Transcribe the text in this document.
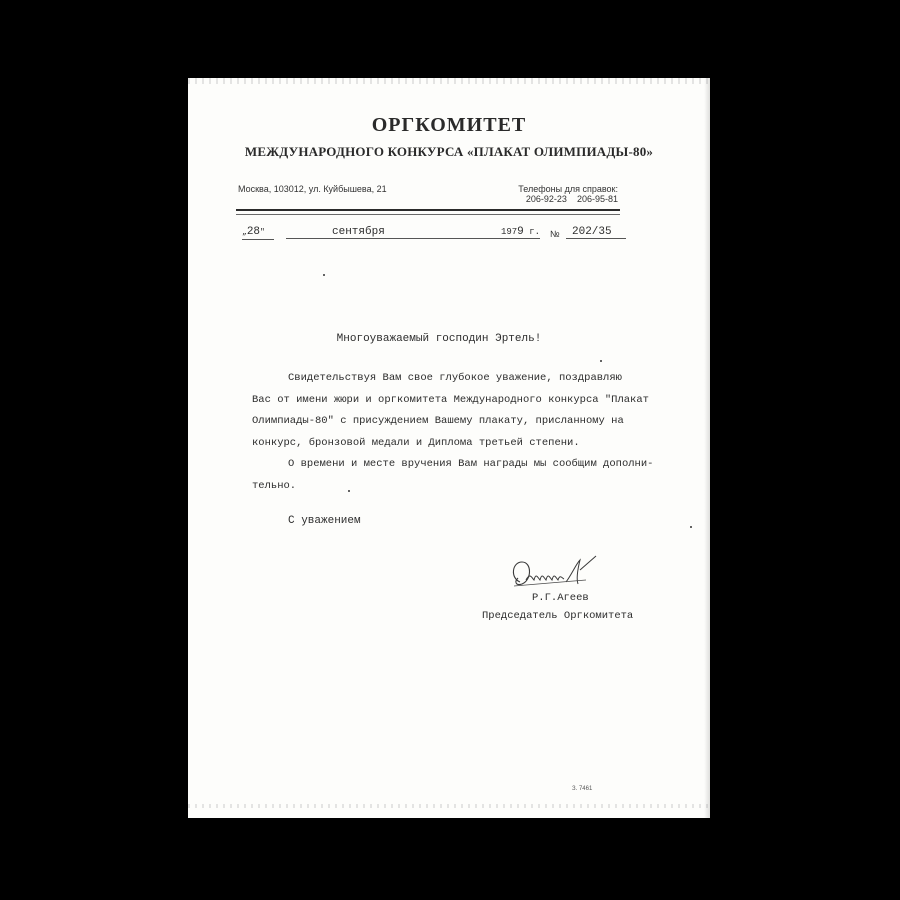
ОРГКОМИТЕТ
МЕЖДУНАРОДНОГО КОНКУРСА «ПЛАКАТ ОЛИМПИАДЫ-80»
Москва, 103012, ул. Куйбышева, 21	Телефоны для справок:
206-92-23 206-95-81
„28"	сентября	1979 г. №	202/35
Многоуважаемый господин Эртель!

Свидетельствуя Вам свое глубокое уважение, поздравляю

Вас от имени жюри и оргкомитета Международного конкурса "Плакат

Олимпиады-80" с присуждением Вашему плакату, присланному на

конкурс, бронзовой медали и Диплома третьей степени.

О времени и месте вручения Вам награды мы сообщим дополни-

тельно.

С уважением
Р.Г.Агеев
Председатель Оргкомитета
З. 7461
